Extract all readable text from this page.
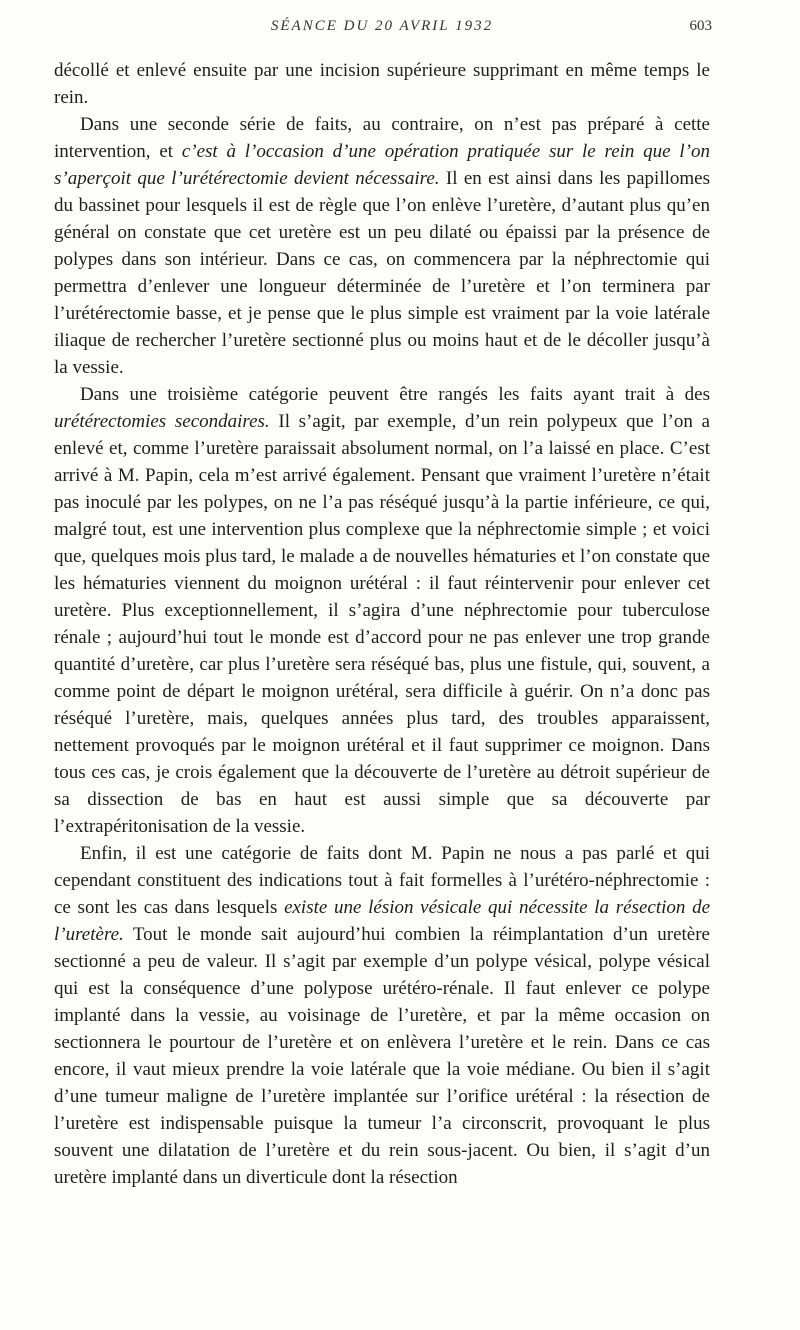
SÉANCE DU 20 AVRIL 1932	603

décollé et enlevé ensuite par une incision supérieure supprimant en même temps le rein.

Dans une seconde série de faits, au contraire, on n’est pas préparé à cette intervention, et c’est à l’occasion d’une opération pratiquée sur le rein que l’on s’aperçoit que l’urétérectomie devient nécessaire. Il en est ainsi dans les papillomes du bassinet pour lesquels il est de règle que l’on enlève l’uretère, d’autant plus qu’en général on constate que cet uretère est un peu dilaté ou épaissi par la présence de polypes dans son intérieur. Dans ce cas, on commencera par la néphrectomie qui permettra d’enlever une longueur déterminée de l’uretère et l’on terminera par l’urétérectomie basse, et je pense que le plus simple est vraiment par la voie latérale iliaque de rechercher l’uretère sectionné plus ou moins haut et de le décoller jusqu’à la vessie.

Dans une troisième catégorie peuvent être rangés les faits ayant trait à des urétérectomies secondaires. Il s’agit, par exemple, d’un rein polypeux que l’on a enlevé et, comme l’uretère paraissait absolument normal, on l’a laissé en place. C’est arrivé à M. Papin, cela m’est arrivé également. Pensant que vraiment l’uretère n’était pas inoculé par les polypes, on ne l’a pas réséqué jusqu’à la partie inférieure, ce qui, malgré tout, est une intervention plus complexe que la néphrectomie simple ; et voici que, quelques mois plus tard, le malade a de nouvelles hématuries et l’on constate que les hématuries viennent du moignon urétéral : il faut réintervenir pour enlever cet uretère. Plus exceptionnellement, il s’agira d’une néphrectomie pour tuberculose rénale ; aujourd’hui tout le monde est d’accord pour ne pas enlever une trop grande quantité d’uretère, car plus l’uretère sera réséqué bas, plus une fistule, qui, souvent, a comme point de départ le moignon urétéral, sera difficile à guérir. On n’a donc pas réséqué l’uretère, mais, quelques années plus tard, des troubles apparaissent, nettement provoqués par le moignon urétéral et il faut supprimer ce moignon. Dans tous ces cas, je crois également que la découverte de l’uretère au détroit supérieur de sa dissection de bas en haut est aussi simple que sa découverte par l’extrapéritonisation de la vessie.

Enfin, il est une catégorie de faits dont M. Papin ne nous a pas parlé et qui cependant constituent des indications tout à fait formelles à l’urétéro-néphrectomie : ce sont les cas dans lesquels existe une lésion vésicale qui nécessite la résection de l’uretère. Tout le monde sait aujourd’hui combien la réimplantation d’un uretère sectionné a peu de valeur. Il s’agit par exemple d’un polype vésical, polype vésical qui est la conséquence d’une polypose urétéro-rénale. Il faut enlever ce polype implanté dans la vessie, au voisinage de l’uretère, et par la même occasion on sectionnera le pourtour de l’uretère et on enlèvera l’uretère et le rein. Dans ce cas encore, il vaut mieux prendre la voie latérale que la voie médiane. Ou bien il s’agit d’une tumeur maligne de l’uretère implantée sur l’orifice urétéral : la résection de l’uretère est indispensable puisque la tumeur l’a circonscrit, provoquant le plus souvent une dilatation de l’uretère et du rein sous-jacent. Ou bien, il s’agit d’un uretère implanté dans un diverticule dont la résection
